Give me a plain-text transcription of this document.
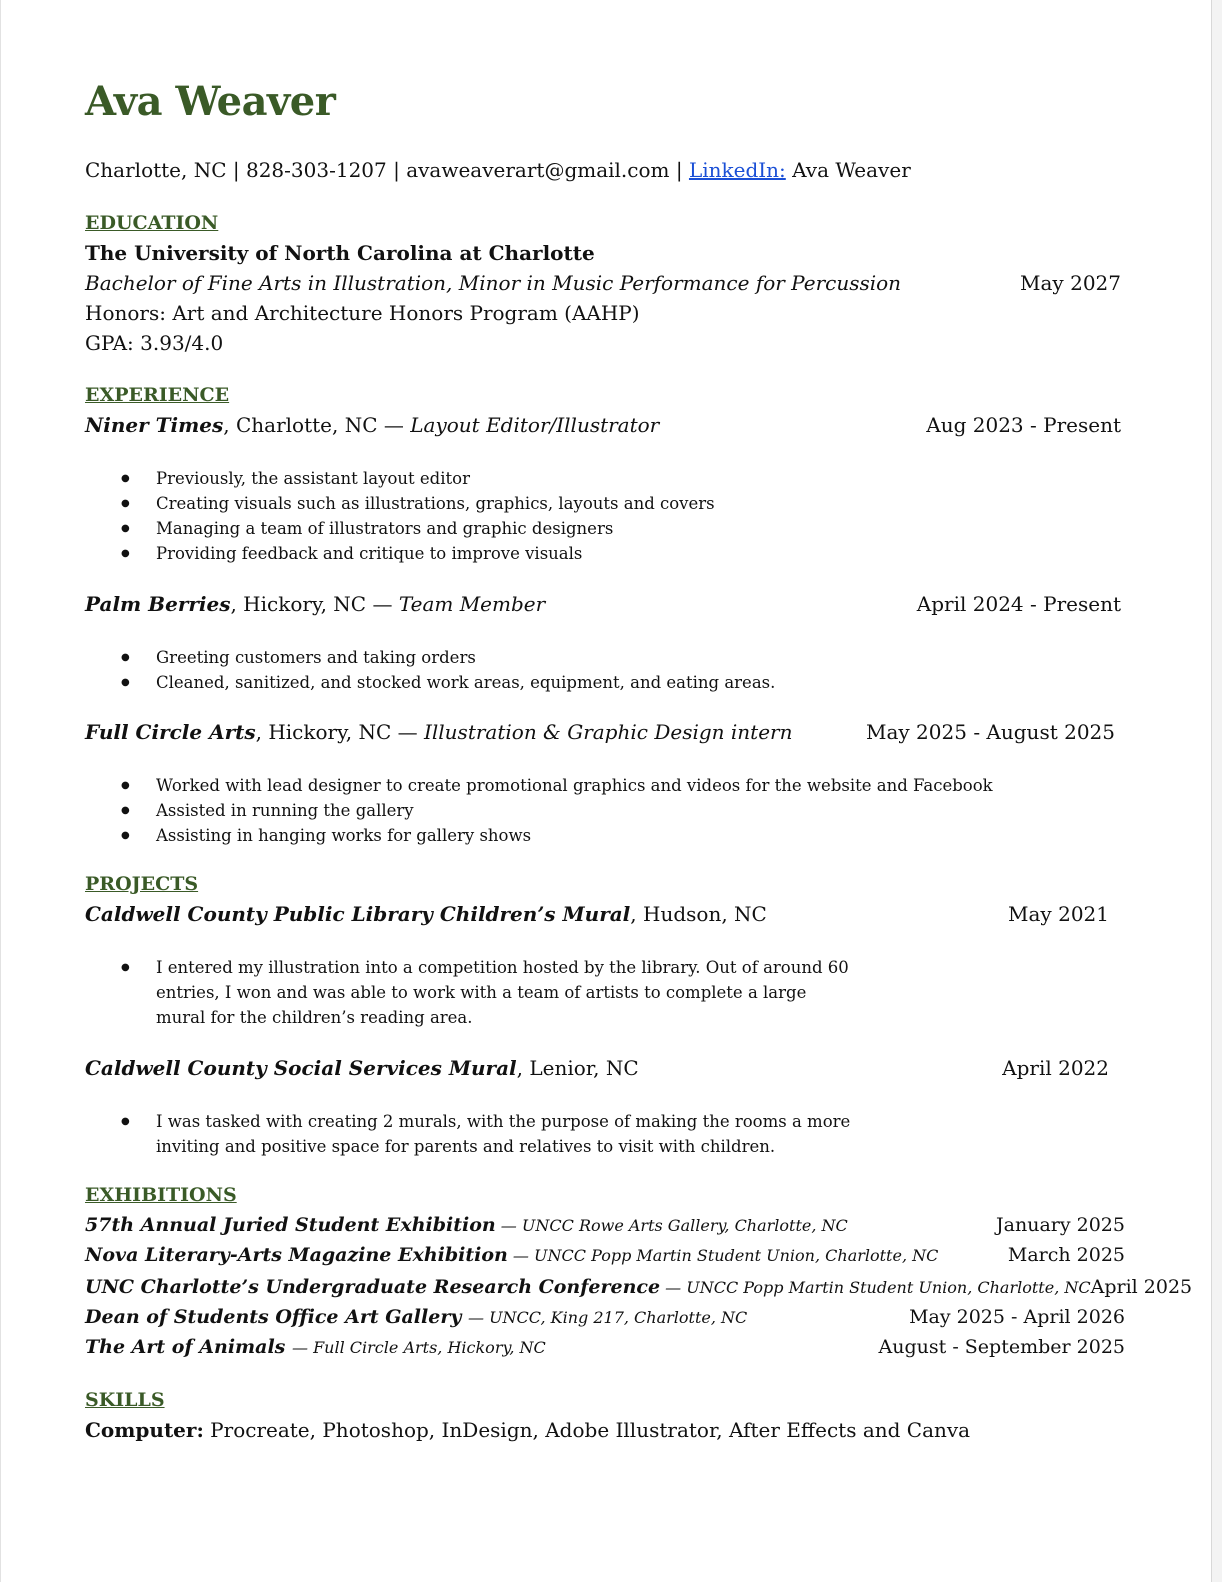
Ava Weaver
Charlotte, NC | 828-303-1207 | avaweaverart@gmail.com | LinkedIn: Ava Weaver
EDUCATION
The University of North Carolina at Charlotte
Bachelor of Fine Arts in Illustration, Minor in Music Performance for Percussion	May 2027
Honors: Art and Architecture Honors Program (AAHP)
GPA: 3.93/4.0
EXPERIENCE
Niner Times, Charlotte, NC — Layout Editor/Illustrator	Aug 2023 - Present
● Previously, the assistant layout editor
● Creating visuals such as illustrations, graphics, layouts and covers
● Managing a team of illustrators and graphic designers
● Providing feedback and critique to improve visuals
Palm Berries, Hickory, NC — Team Member	April 2024 - Present
● Greeting customers and taking orders
● Cleaned, sanitized, and stocked work areas, equipment, and eating areas.
Full Circle Arts, Hickory, NC — Illustration & Graphic Design intern	May 2025 - August 2025
● Worked with lead designer to create promotional graphics and videos for the website and Facebook
● Assisted in running the gallery
● Assisting in hanging works for gallery shows
PROJECTS
Caldwell County Public Library Children’s Mural, Hudson, NC	May 2021
● I entered my illustration into a competition hosted by the library. Out of around 60 entries, I won and was able to work with a team of artists to complete a large mural for the children’s reading area.
Caldwell County Social Services Mural, Lenior, NC	April 2022
● I was tasked with creating 2 murals, with the purpose of making the rooms a more inviting and positive space for parents and relatives to visit with children.
EXHIBITIONS
57th Annual Juried Student Exhibition — UNCC Rowe Arts Gallery, Charlotte, NC	January 2025
Nova Literary-Arts Magazine Exhibition — UNCC Popp Martin Student Union, Charlotte, NC	March 2025
UNC Charlotte’s Undergraduate Research Conference — UNCC Popp Martin Student Union, Charlotte, NC April 2025
Dean of Students Office Art Gallery — UNCC, King 217, Charlotte, NC	May 2025 - April 2026
The Art of Animals — Full Circle Arts, Hickory, NC	August - September 2025
SKILLS
Computer: Procreate, Photoshop, InDesign, Adobe Illustrator, After Effects and Canva
